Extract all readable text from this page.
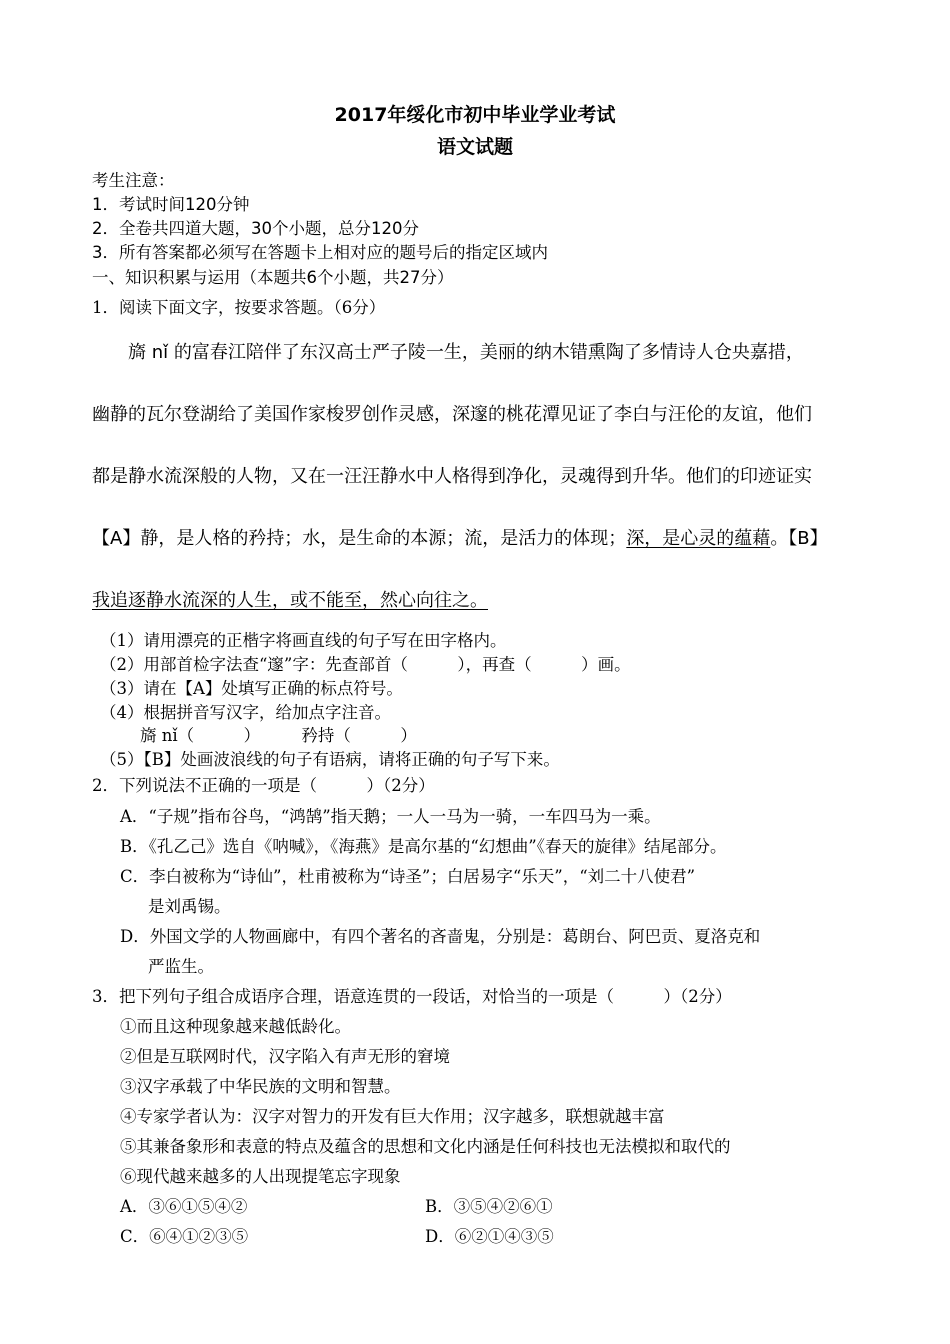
2017年绥化市初中毕业学业考试
语文试题
考生注意：
1．考试时间120分钟
2．全卷共四道大题，30个小题，总分120分
3．所有答案都必须写在答题卡上相对应的题号后的指定区域内
一、知识积累与运用（本题共6个小题，共27分）
1．阅读下面文字，按要求答题。（6分）
旖 nǐ 的富春江陪伴了东汉高士严子陵一生，美丽的纳木错熏陶了多情诗人仓央嘉措，
幽静的瓦尔登湖给了美国作家梭罗创作灵感，深邃的桃花潭见证了李白与汪伦的友谊，他们
都是静水流深般的人物，又在一汪汪静水中人格得到净化，灵魂得到升华。他们的印迹证实
【A】静，是人格的矜持；水，是生命的本源；流，是活力的体现；深，是心灵的蕴藉。【B】
我追逐静水流深的人生，或不能至，然心向往之。
（1）请用漂亮的正楷字将画直线的句子写在田字格内。
（2）用部首检字法查“邃”字：先查部首（　　　），再查（　　　）画。
（3）请在【A】处填写正确的标点符号。
（4）根据拼音写汉字，给加点字注音。
旖 nǐ（　　　）　　　矜持（　　　）
（5）【B】处画波浪线的句子有语病，请将正确的句子写下来。
2．下列说法不正确的一项是（　　　）（2分）
A．“子规”指布谷鸟，“鸿鹄”指天鹅；一人一马为一骑，一车四马为一乘。
B．《孔乙己》选自《呐喊》，《海燕》是高尔基的“幻想曲”《春天的旋律》结尾部分。
C．李白被称为“诗仙”，杜甫被称为“诗圣”；白居易字“乐天”，“刘二十八使君”
是刘禹锡。
D．外国文学的人物画廊中，有四个著名的吝啬鬼，分别是：葛朗台、阿巴贡、夏洛克和
严监生。
3．把下列句子组合成语序合理，语意连贯的一段话，对恰当的一项是（　　　）（2分）
①而且这种现象越来越低龄化。
②但是互联网时代，汉字陷入有声无形的窘境
③汉字承载了中华民族的文明和智慧。
④专家学者认为：汉字对智力的开发有巨大作用；汉字越多，联想就越丰富
⑤其兼备象形和表意的特点及蕴含的思想和文化内涵是任何科技也无法模拟和取代的
⑥现代越来越多的人出现提笔忘字现象
A．③⑥①⑤④②	B．③⑤④②⑥①
C．⑥④①②③⑤	D．⑥②①④③⑤
